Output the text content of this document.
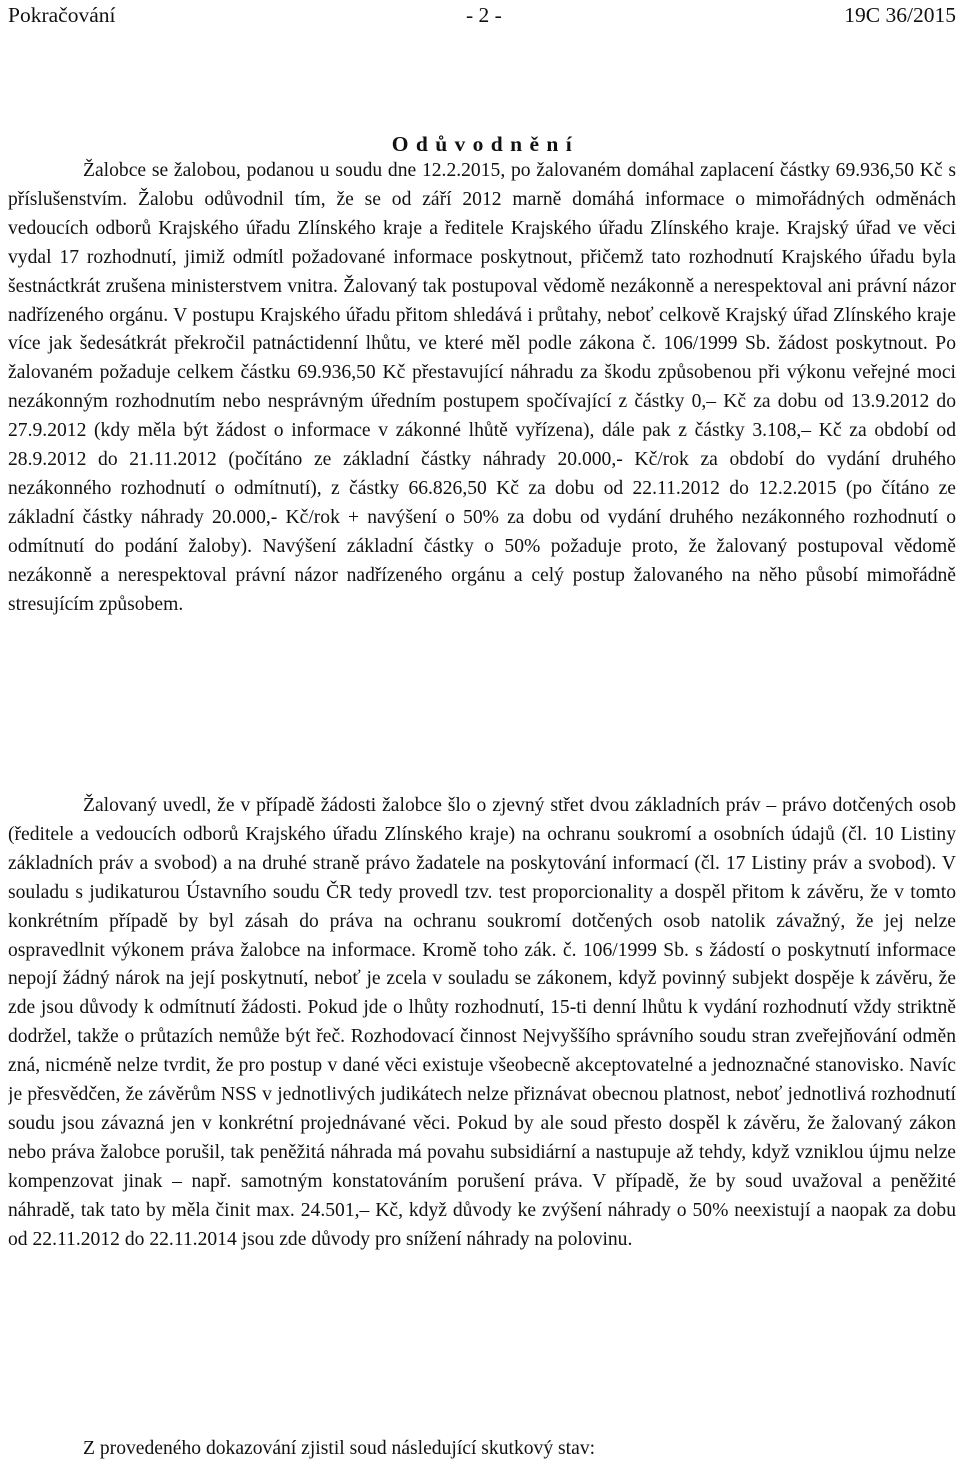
Pokračování	- 2 -	19C 36/2015
O d ů v o d n ě n í

Žalobce se žalobou, podanou u soudu dne 12.2.2015, po žalovaném domáhal zaplacení částky 69.936,50 Kč s příslušenstvím. Žalobu odůvodnil tím, že se od září 2012 marně domáhá informace o mimořádných odměnách vedoucích odborů Krajského úřadu Zlínského kraje a ředitele Krajského úřadu Zlínského kraje. Krajský úřad ve věci vydal 17 rozhodnutí, jimiž odmítl požadované informace poskytnout, přičemž tato rozhodnutí Krajského úřadu byla šestnáctkrát zrušena ministerstvem vnitra. Žalovaný tak postupoval vědomě nezákonně a nerespektoval ani právní názor nadřízeného orgánu. V postupu Krajského úřadu přitom shledává i průtahy, neboť celkově Krajský úřad Zlínského kraje více jak šedesátkrát překročil patnáctidenní lhůtu, ve které měl podle zákona č. 106/1999 Sb. žádost poskytnout. Po žalovaném požaduje celkem částku 69.936,50 Kč přestavující náhradu za škodu způsobenou při výkonu veřejné moci nezákonným rozhodnutím nebo nesprávným úředním postupem spočívající z částky 0,– Kč za dobu od 13.9.2012 do 27.9.2012 (kdy měla být žádost o informace v zákonné lhůtě vyřízena), dále pak z částky 3.108,– Kč za období od 28.9.2012 do 21.11.2012 (počítáno ze základní částky náhrady 20.000,- Kč/rok za období do vydání druhého nezákonného rozhodnutí o odmítnutí), z částky 66.826,50 Kč za dobu od 22.11.2012 do 12.2.2015 (po čítáno ze základní částky náhrady 20.000,- Kč/rok + navýšení o 50% za dobu od vydání druhého nezákonného rozhodnutí o odmítnutí do podání žaloby). Navýšení základní částky o 50% požaduje proto, že žalovaný postupoval vědomě nezákonně a nerespektoval právní názor nadřízeného orgánu a celý postup žalovaného na něho působí mimořádně stresujícím způsobem.

Žalovaný uvedl, že v případě žádosti žalobce šlo o zjevný střet dvou základních práv – právo dotčených osob (ředitele a vedoucích odborů Krajského úřadu Zlínského kraje) na ochranu soukromí a osobních údajů (čl. 10 Listiny základních práv a svobod) a na druhé straně právo žadatele na poskytování informací (čl. 17 Listiny práv a svobod). V souladu s judikaturou Ústavního soudu ČR tedy provedl tzv. test proporcionality a dospěl přitom k závěru, že v tomto konkrétním případě by byl zásah do práva na ochranu soukromí dotčených osob natolik závažný, že jej nelze ospravedlnit výkonem práva žalobce na informace. Kromě toho zák. č. 106/1999 Sb. s žádostí o poskytnutí informace nepojí žádný nárok na její poskytnutí, neboť je zcela v souladu se zákonem, když povinný subjekt dospěje k závěru, že zde jsou důvody k odmítnutí žádosti. Pokud jde o lhůty rozhodnutí, 15-ti denní lhůtu k vydání rozhodnutí vždy striktně dodržel, takže o průtazích nemůže být řeč. Rozhodovací činnost Nejvyššího správního soudu stran zveřejňování odměn zná, nicméně nelze tvrdit, že pro postup v dané věci existuje všeobecně akceptovatelné a jednoznačné stanovisko. Navíc je přesvědčen, že závěrům NSS v jednotlivých judikátech nelze přiznávat obecnou platnost, neboť jednotlivá rozhodnutí soudu jsou závazná jen v konkrétní projednávané věci. Pokud by ale soud přesto dospěl k závěru, že žalovaný zákon nebo práva žalobce porušil, tak peněžitá náhrada má povahu subsidiární a nastupuje až tehdy, když vzniklou újmu nelze kompenzovat jinak – např. samotným konstatováním porušení práva. V případě, že by soud uvažoval a peněžité náhradě, tak tato by měla činit max. 24.501,– Kč, když důvody ke zvýšení náhrady o 50% neexistují a naopak za dobu od 22.11.2012 do 22.11.2014 jsou zde důvody pro snížení náhrady na polovinu.

Z provedeného dokazování zjistil soud následující skutkový stav:
